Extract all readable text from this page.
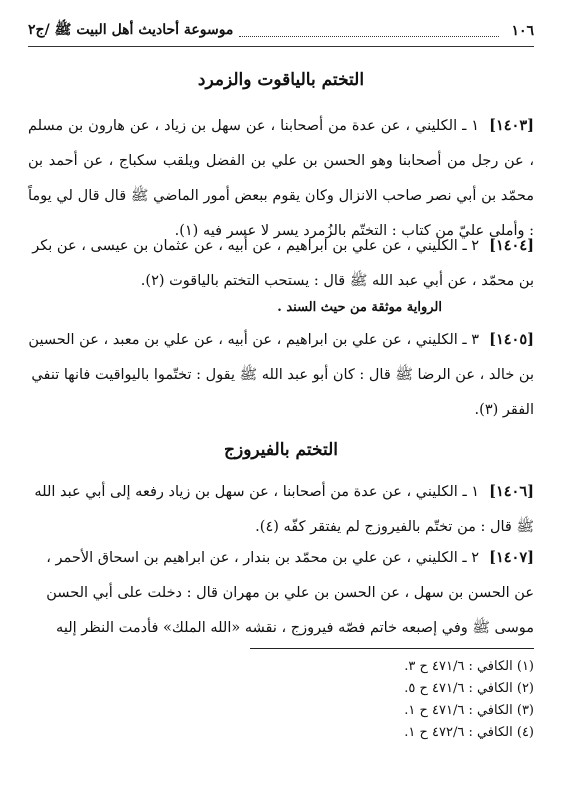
١٠٦
موسوعة أحاديث أهل البيت ﷺ /ج٢
التختم بالياقوت والزمرد
[١٤٠٣]١ ـ الكليني ، عن عدة من أصحابنا ، عن سهل بن زياد ، عن هارون بن مسلم ، عن رجل من أصحابنا وهو الحسن بن علي بن الفضل ويلقب سكباج ، عن أحمد بن محمّد بن أبي نصر صاحب الانزال وكان يقوم ببعض أمور الماضي ﷺ قال قال لي يوماً : وأملى عليّ من كتاب : التختّم بالزُمرد يسر لا عسر فيه (١).
[١٤٠٤]٢ ـ الكليني ، عن علي بن ابراهيم ، عن أبيه ، عن عثمان بن عيسى ، عن بكر بن محمّد ، عن أبي عبد الله ﷺ قال : يستحب التختم بالياقوت (٢).
الرواية موثقة من حيث السند .
[١٤٠٥]٣ ـ الكليني ، عن علي بن ابراهيم ، عن أبيه ، عن علي بن معبد ، عن الحسين بن خالد ، عن الرضا ﷺ قال : كان أبو عبد الله ﷺ يقول : تختّموا باليواقيت فانها تنفي الفقر (٣).
التختم بالفيروزج
[١٤٠٦]١ ـ الكليني ، عن عدة من أصحابنا ، عن سهل بن زياد رفعه إلى أبي عبد الله ﷺ قال : من تختّم بالفيروزج لم يفتقر كفّه (٤).
[١٤٠٧]٢ ـ الكليني ، عن علي بن محمّد بن بندار ، عن ابراهيم بن اسحاق الأحمر ، عن الحسن بن سهل ، عن الحسن بن علي بن مهران قال : دخلت على أبي الحسن موسى ﷺ وفي إصبعه خاتم فصّه فيروزج ، نقشه «الله الملك» فأدمت النظر إليه
(١) الكافي : ٤٧١/٦ ح ٣.
(٢) الكافي : ٤٧١/٦ ح ٥.
(٣) الكافي : ٤٧١/٦ ح ١.
(٤) الكافي : ٤٧٢/٦ ح ١.
